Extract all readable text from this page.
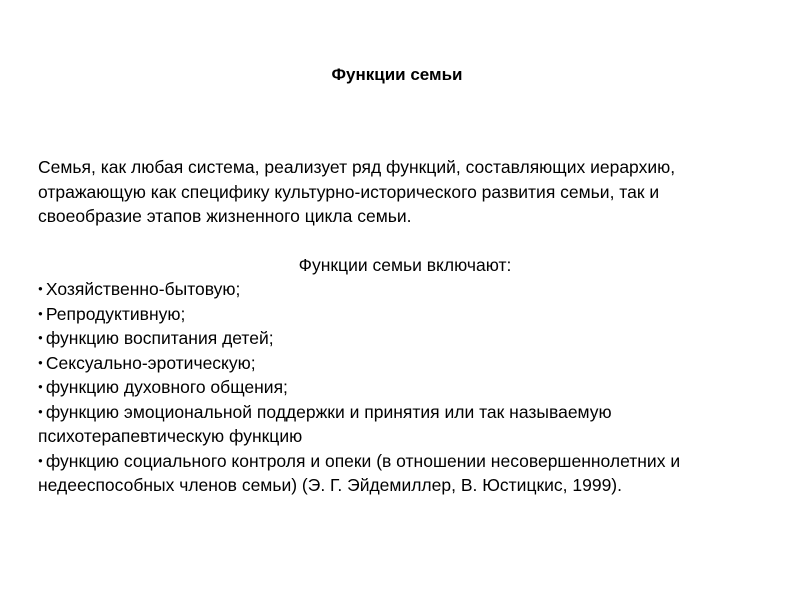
Функции семьи
Семья, как любая система, реализует ряд функций, составляющих иерархию, отражающую как специфику культурно-исторического развития семьи, так и своеобразие этапов жизненного цикла семьи.
Функции семьи включают:
● Хозяйственно-бытовую;
● Репродуктивную;
● функцию воспитания детей;
● Сексуально-эротическую;
● функцию духовного общения;
● функцию эмоциональной поддержки и принятия или так называемую психотерапевтическую функцию
● функцию социального контроля и опеки (в отношении несовершеннолетних и недееспособных членов семьи) (Э. Г. Эйдемиллер, В. Юстицкис, 1999).
